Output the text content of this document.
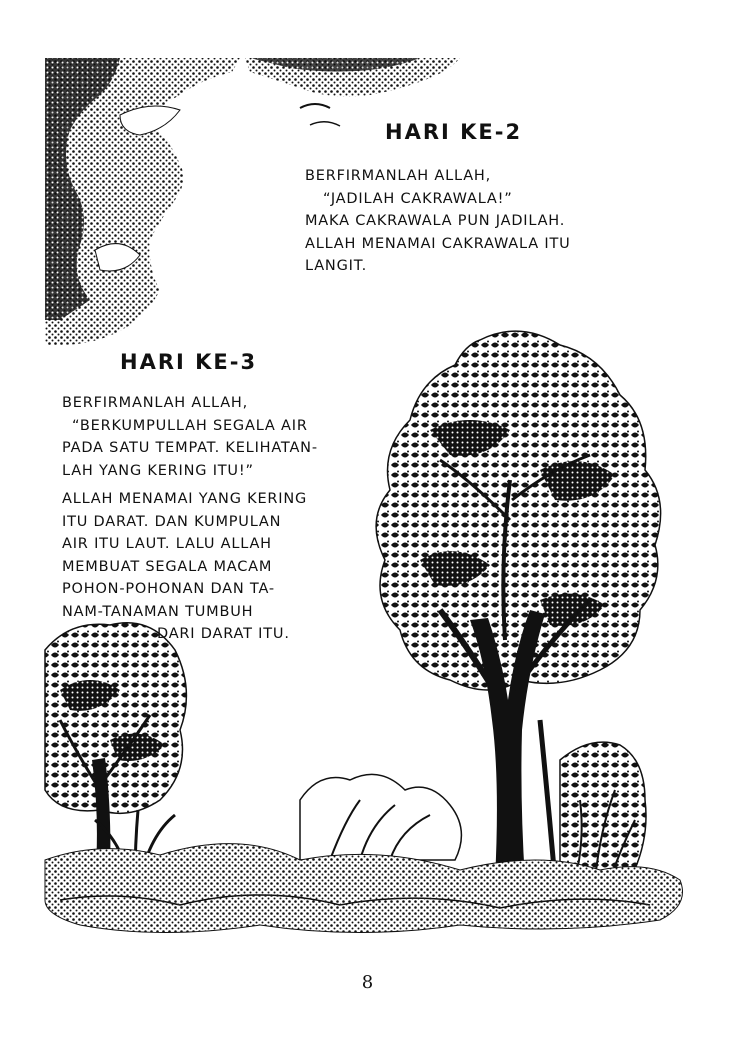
HARI KE-2
BERFIRMANLAH ALLAH,
“JADILAH CAKRAWALA!”
MAKA CAKRAWALA PUN JADILAH.
ALLAH MENAMAI CAKRAWALA ITU
LANGIT.
HARI KE-3
BERFIRMANLAH ALLAH,
“BERKUMPULLAH SEGALA AIR
PADA SATU TEMPAT. KELIHATAN-
LAH YANG KERING ITU!”
ALLAH MENAMAI YANG KERING
ITU DARAT. DAN KUMPULAN
AIR ITU LAUT. LALU ALLAH
MEMBUAT SEGALA MACAM
POHON-POHONAN DAN TA-
NAM-TANAMAN TUMBUH
DARI DARAT ITU.
8
